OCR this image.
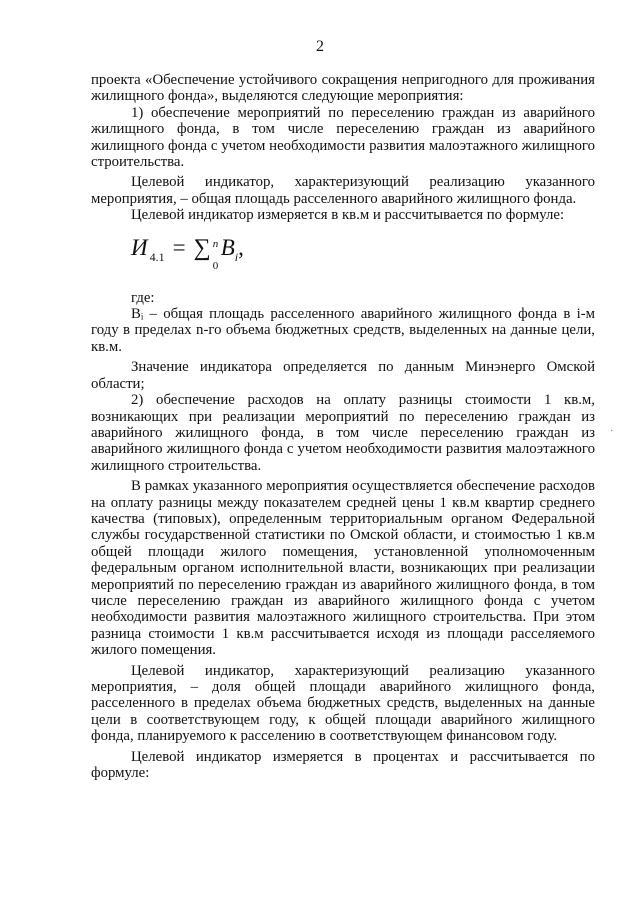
2

проекта «Обеспечение устойчивого сокращения непригодного для проживания жилищного фонда», выделяются следующие мероприятия:

1) обеспечение мероприятий по переселению граждан из аварийного жилищного фонда, в том числе переселению граждан из аварийного жилищного фонда с учетом необходимости развития малоэтажного жилищного строительства.

Целевой индикатор, характеризующий реализацию указанного мероприятия, – общая площадь расселенного аварийного жилищного фонда.

Целевой индикатор измеряется в кв.м и рассчитывается по формуле:

И $_{4.1}$ = ∑ n
0
$B_i$,

где:

Bᵢ – общая площадь расселенного аварийного жилищного фонда в i-м году в пределах n-го объема бюджетных средств, выделенных на данные цели, кв.м.

Значение индикатора определяется по данным Минэнерго Омской области;

2) обеспечение расходов на оплату разницы стоимости 1 кв.м, возникающих при реализации мероприятий по переселению граждан из аварийного жилищного фонда, в том числе переселению граждан из аварийного жилищного фонда с учетом необходимости развития малоэтажного жилищного строительства.

В рамках указанного мероприятия осуществляется обеспечение расходов на оплату разницы между показателем средней цены 1 кв.м квартир среднего качества (типовых), определенным территориальным органом Федеральной службы государственной статистики по Омской области, и стоимостью 1 кв.м общей площади жилого помещения, установленной уполномоченным федеральным органом исполнительной власти, возникающих при реализации мероприятий по переселению граждан из аварийного жилищного фонда, в том числе переселению граждан из аварийного жилищного фонда с учетом необходимости развития малоэтажного жилищного строительства. При этом разница стоимости 1 кв.м рассчитывается исходя из площади расселяемого жилого помещения.

Целевой индикатор, характеризующий реализацию указанного мероприятия, – доля общей площади аварийного жилищного фонда, расселенного в пределах объема бюджетных средств, выделенных на данные цели в соответствующем году, к общей площади аварийного жилищного фонда, планируемого к расселению в соответствующем финансовом году.

Целевой индикатор измеряется в процентах и рассчитывается по формуле:

·
